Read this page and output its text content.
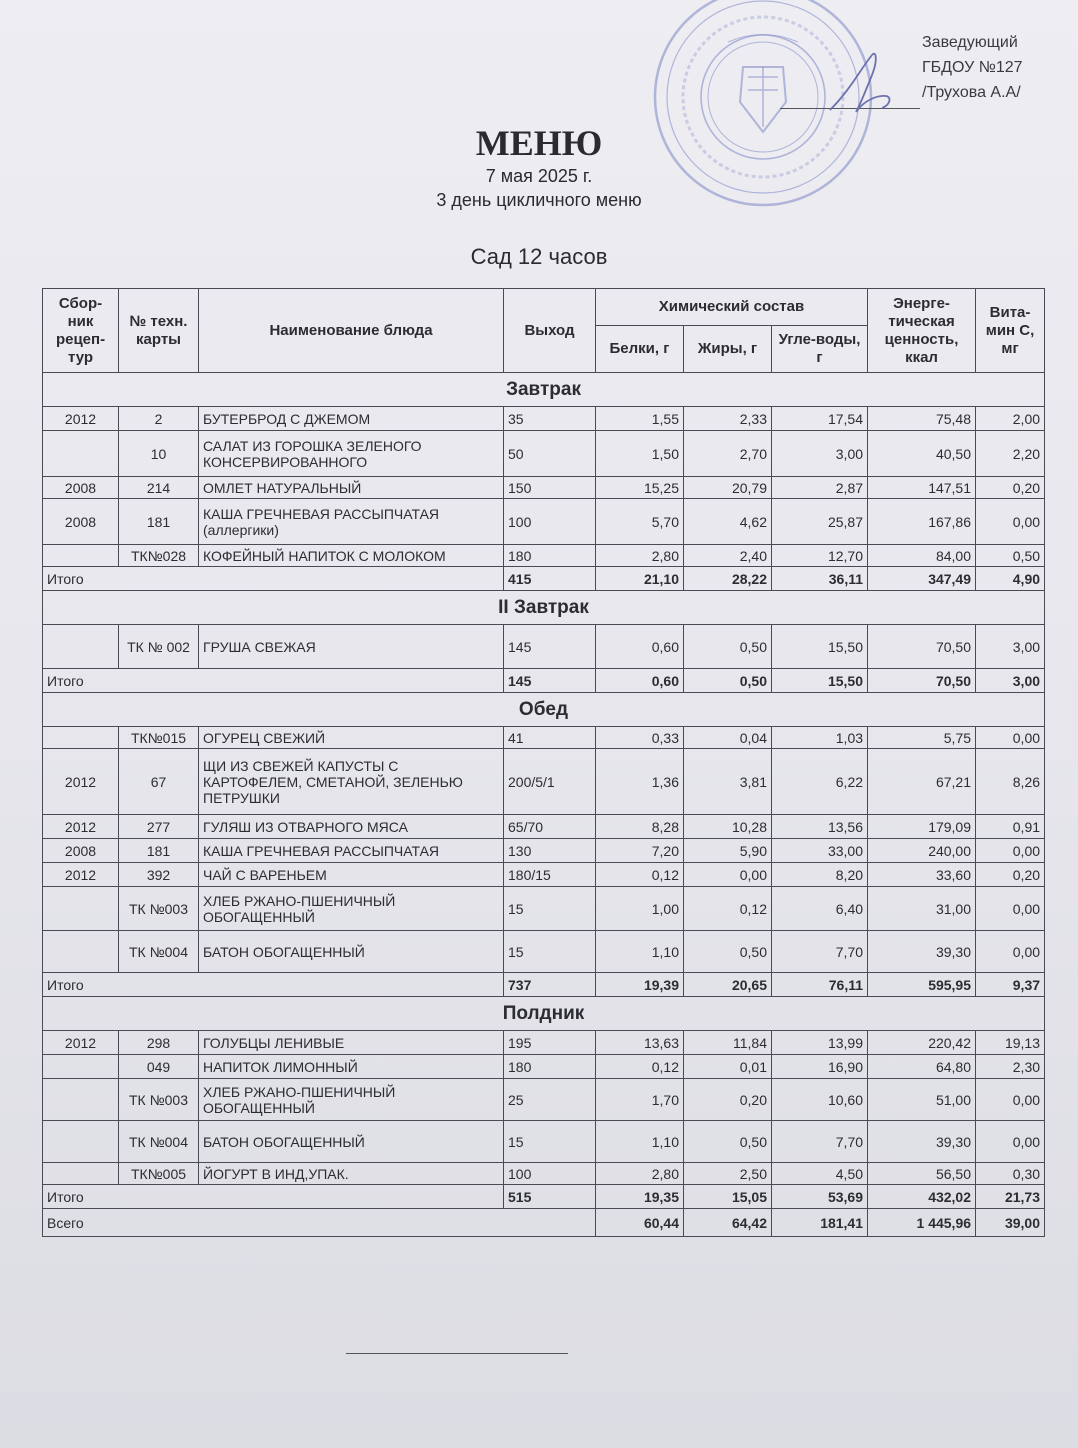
Заведующий
ГБДОУ №127
/Трухова А.А/
МЕНЮ
7 мая 2025 г.
3 день цикличного меню
Сад 12 часов
Сбор-ник рецеп-тур	№ техн. карты	Наименование блюда	Выход	Химический состав			Энерге-тическая ценность, ккал	Вита-мин С, мг
				Белки, г	Жиры, г	Угле-воды, г		
Завтрак								
2012	2	БУТЕРБРОД С ДЖЕМОМ	35	1,55	2,33	17,54	75,48	2,00
	10	САЛАТ ИЗ ГОРОШКА ЗЕЛЕНОГО КОНСЕРВИРОВАННОГО	50	1,50	2,70	3,00	40,50	2,20
2008	214	ОМЛЕТ НАТУРАЛЬНЫЙ	150	15,25	20,79	2,87	147,51	0,20
2008	181	КАША ГРЕЧНЕВАЯ РАССЫПЧАТАЯ (аллергики)	100	5,70	4,62	25,87	167,86	0,00
	ТК№028	КОФЕЙНЫЙ НАПИТОК С МОЛОКОМ	180	2,80	2,40	12,70	84,00	0,50
Итого			415	21,10	28,22	36,11	347,49	4,90
II Завтрак								
	ТК № 002	ГРУША СВЕЖАЯ	145	0,60	0,50	15,50	70,50	3,00
Итого			145	0,60	0,50	15,50	70,50	3,00
Обед								
	ТК№015	ОГУРЕЦ СВЕЖИЙ	41	0,33	0,04	1,03	5,75	0,00
2012	67	ЩИ ИЗ СВЕЖЕЙ КАПУСТЫ С КАРТОФЕЛЕМ, СМЕТАНОЙ, ЗЕЛЕНЬЮ ПЕТРУШКИ	200/5/1	1,36	3,81	6,22	67,21	8,26
2012	277	ГУЛЯШ ИЗ ОТВАРНОГО МЯСА	65/70	8,28	10,28	13,56	179,09	0,91
2008	181	КАША ГРЕЧНЕВАЯ РАССЫПЧАТАЯ	130	7,20	5,90	33,00	240,00	0,00
2012	392	ЧАЙ С ВАРЕНЬЕМ	180/15	0,12	0,00	8,20	33,60	0,20
	ТК №003	ХЛЕБ РЖАНО-ПШЕНИЧНЫЙ ОБОГАЩЕННЫЙ	15	1,00	0,12	6,40	31,00	0,00
	ТК №004	БАТОН ОБОГАЩЕННЫЙ	15	1,10	0,50	7,70	39,30	0,00
Итого			737	19,39	20,65	76,11	595,95	9,37
Полдник								
2012	298	ГОЛУБЦЫ ЛЕНИВЫЕ	195	13,63	11,84	13,99	220,42	19,13
	049	НАПИТОК ЛИМОННЫЙ	180	0,12	0,01	16,90	64,80	2,30
	ТК №003	ХЛЕБ РЖАНО-ПШЕНИЧНЫЙ ОБОГАЩЕННЫЙ	25	1,70	0,20	10,60	51,00	0,00
	ТК №004	БАТОН ОБОГАЩЕННЫЙ	15	1,10	0,50	7,70	39,30	0,00
	ТК№005	ЙОГУРТ В ИНД,УПАК.	100	2,80	2,50	4,50	56,50	0,30
Итого			515	19,35	15,05	53,69	432,02	21,73
Всего				60,44	64,42	181,41	1 445,96	39,00
